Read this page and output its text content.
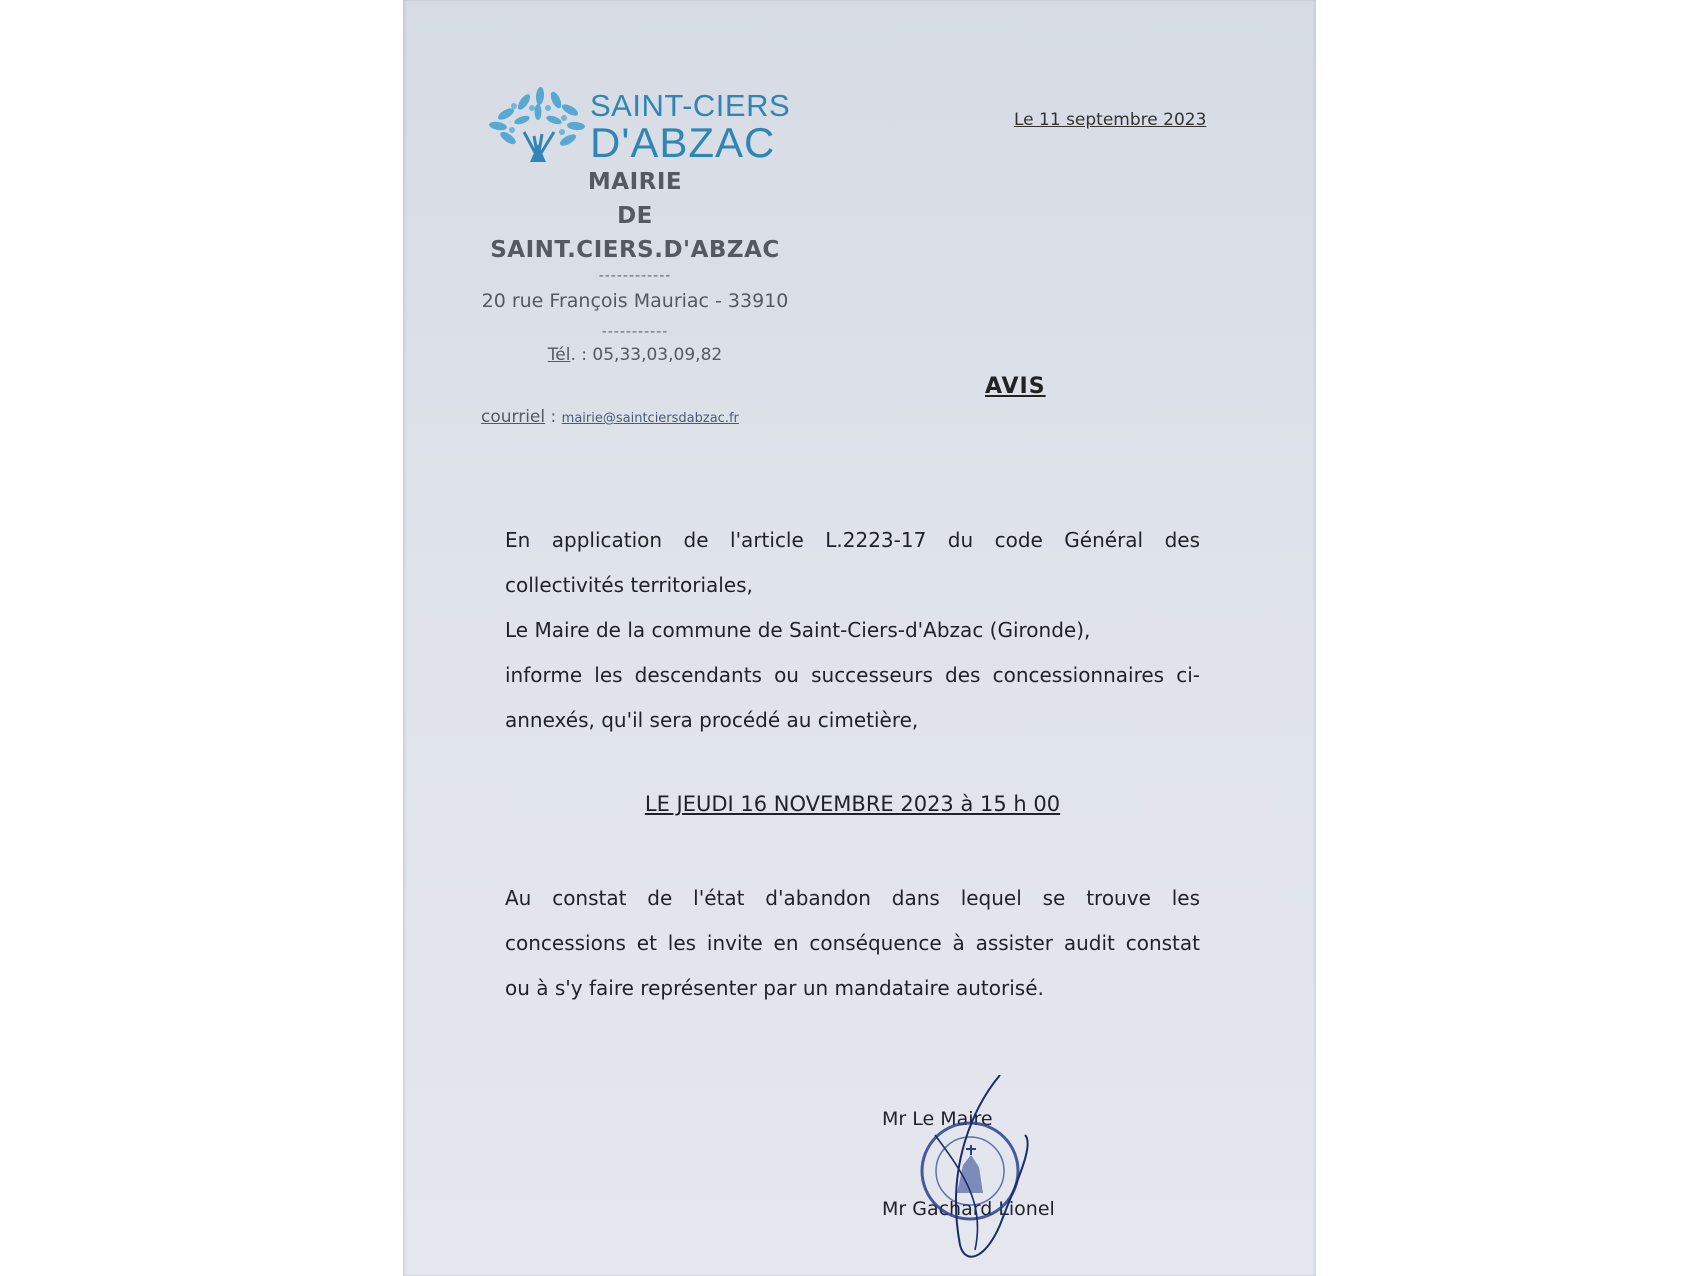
SAINT-CIERS
D'ABZAC
MAIRIE
DE
SAINT.CIERS.D'ABZAC
------------
20 rue François Mauriac - 33910
-----------
Tél. : 05,33,03,09,82
courriel : mairie@saintciersdabzac.fr
Le 11 septembre 2023
AVIS
En application de l'article L.2223-17 du code Général des
collectivités territoriales,
Le Maire de la commune de Saint-Ciers-d'Abzac (Gironde),
informe les descendants ou successeurs des concessionnaires ci-
annexés, qu'il sera procédé au cimetière,
LE JEUDI 16 NOVEMBRE 2023 à 15 h 00
Au constat de l'état d'abandon dans lequel se trouve les
concessions et les invite en conséquence à assister audit constat
ou à s'y faire représenter par un mandataire autorisé.
Mr Le Maire
Mr Gachard Lionel
